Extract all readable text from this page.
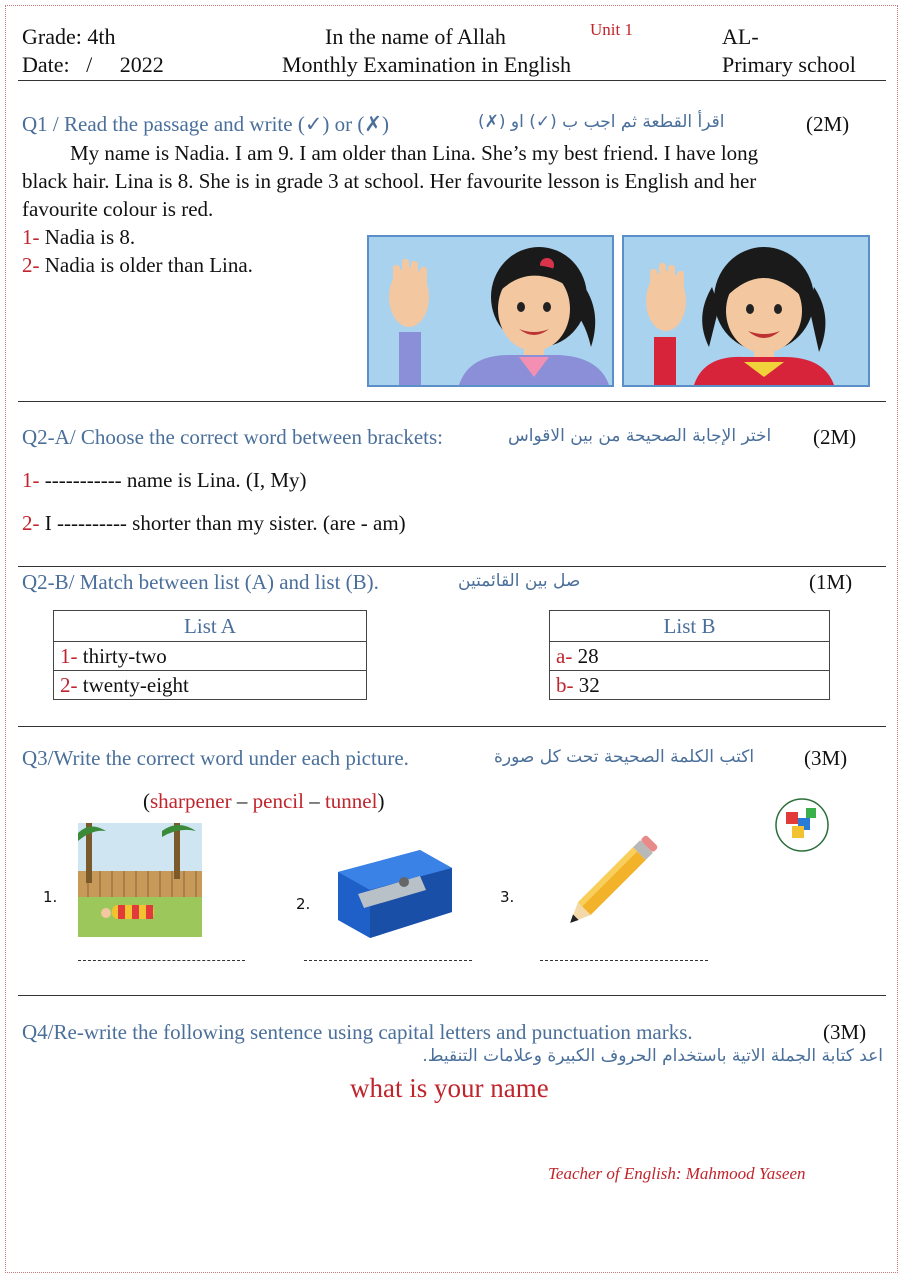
Grade: 4th
Date:   /     2022
In the name of Allah
Monthly Examination in English
Unit 1	AL-
Primary school
Q1 / Read the passage and write (✓) or (✗)	اقرأ القطعة ثم اجب ب (✓) او (✗)	(2M)
My name is Nadia. I am 9. I am older than Lina. She’s my best friend. I have long
black hair. Lina is 8. She is in grade 3 at school. Her favourite lesson is English and her
favourite colour is red.
1- Nadia is 8.
2- Nadia is older than Lina.
Q2-A/ Choose the correct word between brackets:	اختر الإجابة الصحيحة من بين الاقواس (2M)
1- ----------- name is Lina. (I, My)
2- I ---------- shorter than my sister. (are - am)
Q2-B/ Match between list (A) and list (B).	صل بين القائمتين	(1M)
List A
1- thirty-two
2- twenty-eight
List B
a- 28
b- 32
Q3/Write the correct word under each picture.	اكتب الكلمة الصحيحة تحت كل صورة (3M)
(sharpener – pencil – tunnel)
1.	2.	3.
Q4/Re-write the following sentence using capital letters and punctuation marks.	(3M)
اعد كتابة الجملة الاتية باستخدام الحروف الكبيرة وعلامات التنقيط.
what is your name
Teacher of English: Mahmood Yaseen
